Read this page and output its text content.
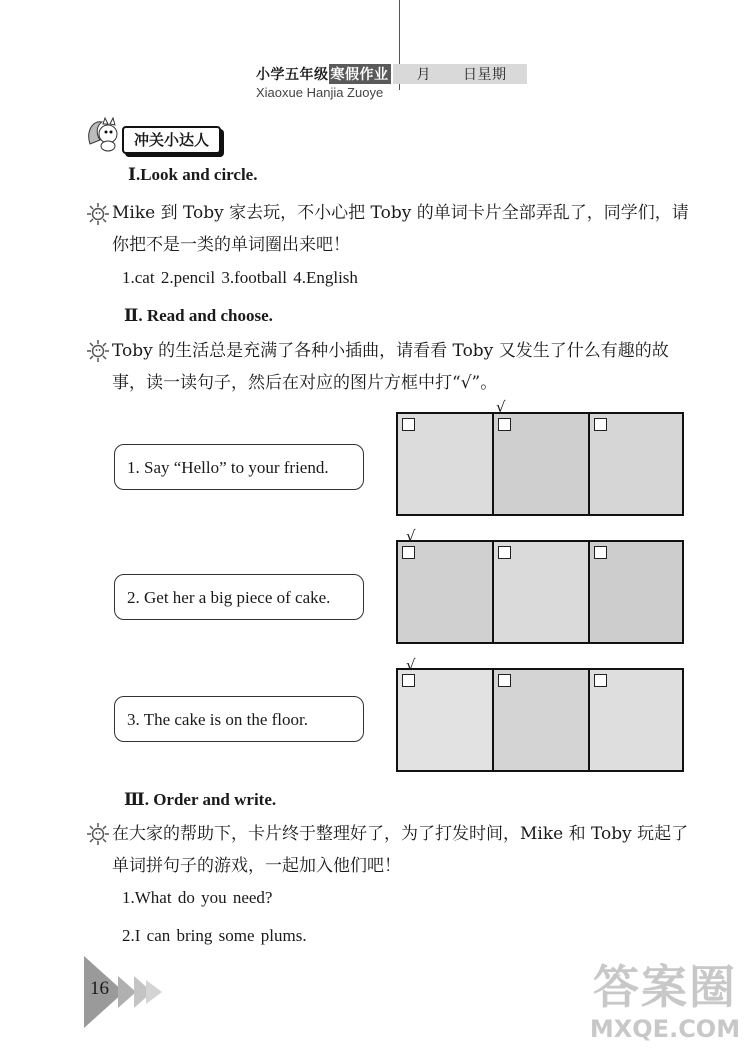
小学五年级 寒假作业 月 日星期
Xiaoxue Hanjia Zuoye
冲关小达人
Ⅰ.Look and circle.
Mike 到 Toby 家去玩，不小心把 Toby 的单词卡片全部弄乱了，同学们，请
你把不是一类的单词圈出来吧！
1.cat 2.pencil 3.football 4.English
Ⅱ. Read and choose.
Toby 的生活总是充满了各种小插曲，请看看 Toby 又发生了什么有趣的故
事，读一读句子，然后在对应的图片方框中打“√”。
1. Say “Hello” to your friend.
√
2. Get her a big piece of cake.
√
3. The cake is on the floor.
√
Ⅲ. Order and write.
在大家的帮助下，卡片终于整理好了，为了打发时间，Mike 和 Toby 玩起了
单词拼句子的游戏，一起加入他们吧！
1.What do you need?
2.I can bring some plums.
16	答案圈
MXQE.COM
